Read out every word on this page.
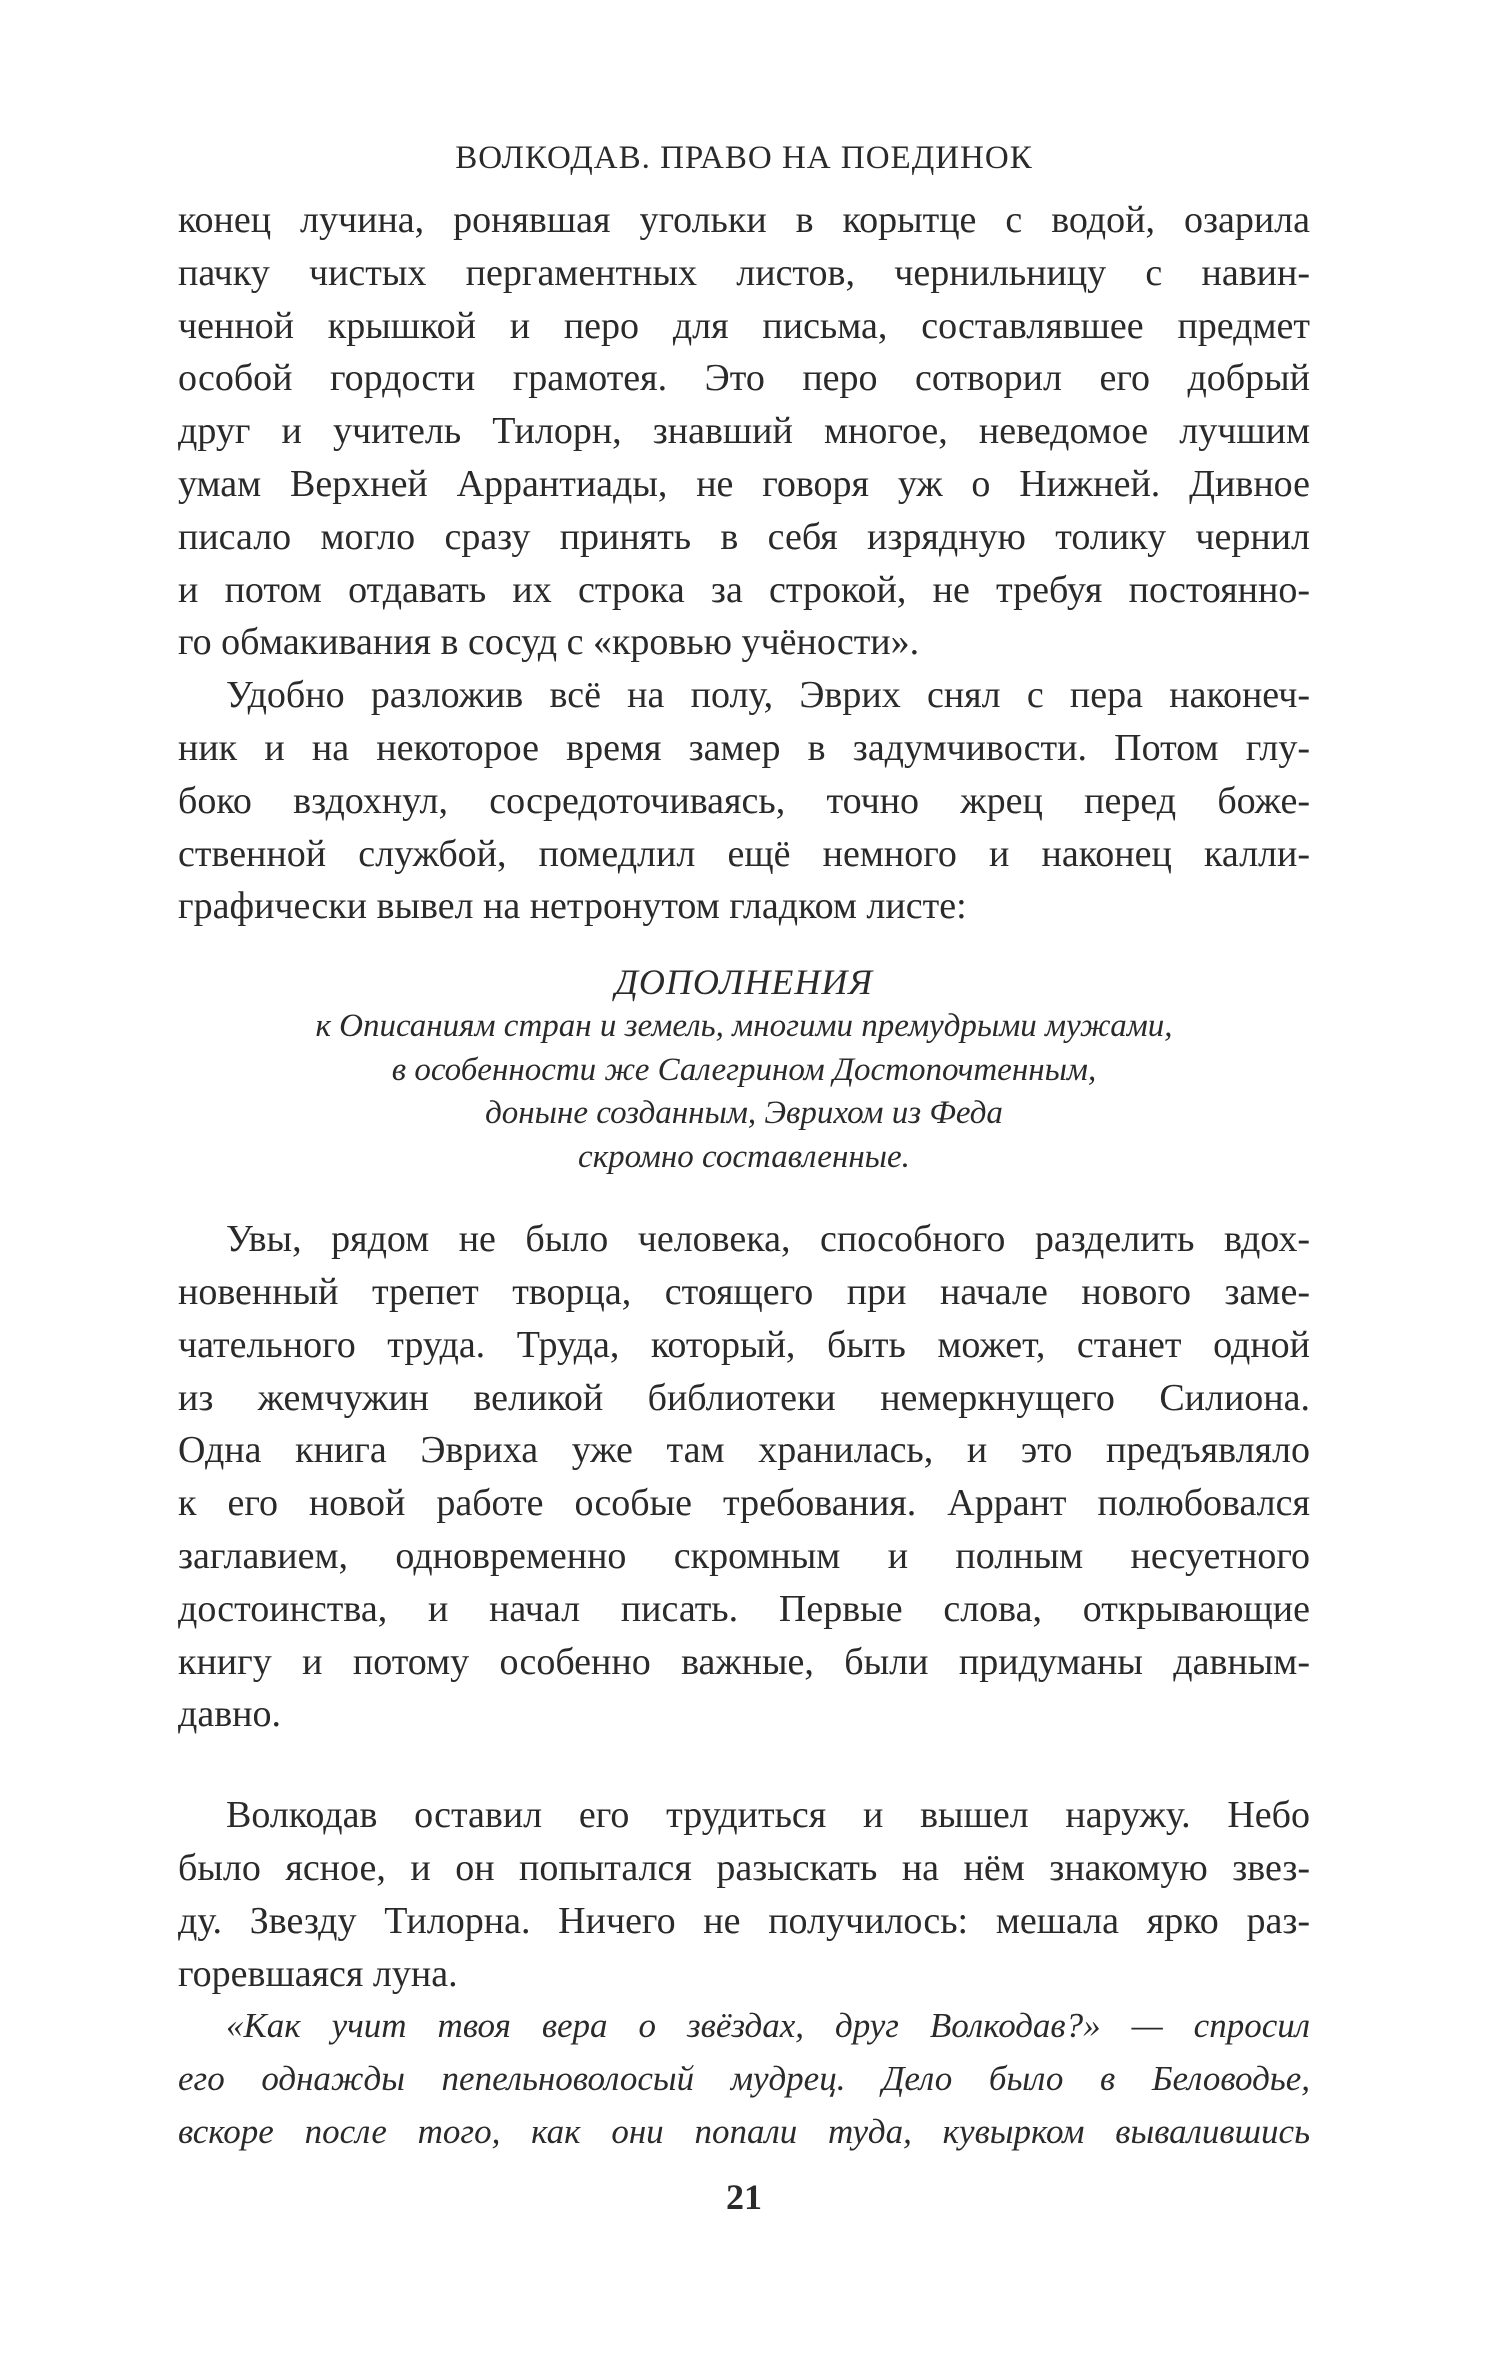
ВОЛКОДАВ. ПРАВО НА ПОЕДИНОК
конец лучина, ронявшая угольки в корытце с водой, озарила
пачку чистых пергаментных листов, чернильницу с навин-
ченной крышкой и перо для письма, составлявшее предмет
особой гордости грамотея. Это перо сотворил его добрый
друг и учитель Тилорн, знавший многое, неведомое лучшим
умам Верхней Аррантиады, не говоря уж о Нижней. Дивное
писало могло сразу принять в себя изрядную толику чернил
и потом отдавать их строка за строкой, не требуя постоянно-
го обмакивания в сосуд с «кровью учёности».
Удобно разложив всё на полу, Эврих снял с пера наконеч-
ник и на некоторое время замер в задумчивости. Потом глу-
боко вздохнул, сосредоточиваясь, точно жрец перед боже-
ственной службой, помедлил ещё немного и наконец калли-
графически вывел на нетронутом гладком листе:
ДОПОЛНЕНИЯ
к Описаниям стран и земель, многими премудрыми мужами,
в особенности же Салегрином Достопочтенным,
доныне созданным, Эврихом из Феда
скромно составленные.
Увы, рядом не было человека, способного разделить вдох-
новенный трепет творца, стоящего при начале нового заме-
чательного труда. Труда, который, быть может, станет одной
из жемчужин великой библиотеки немеркнущего Силиона.
Одна книга Эвриха уже там хранилась, и это предъявляло
к его новой работе особые требования. Аррант полюбовался
заглавием, одновременно скромным и полным несуетного
достоинства, и начал писать. Первые слова, открывающие
книгу и потому особенно важные, были придуманы давным-
давно.
Волкодав оставил его трудиться и вышел наружу. Небо
было ясное, и он попытался разыскать на нём знакомую звез-
ду. Звезду Тилорна. Ничего не получилось: мешала ярко раз-
горевшаяся луна.
«Как учит твоя вера о звёздах, друг Волкодав?» — спросил
его однажды пепельноволосый мудрец. Дело было в Беловодье,
вскоре после того, как они попали туда, кувырком вывалившись
21
